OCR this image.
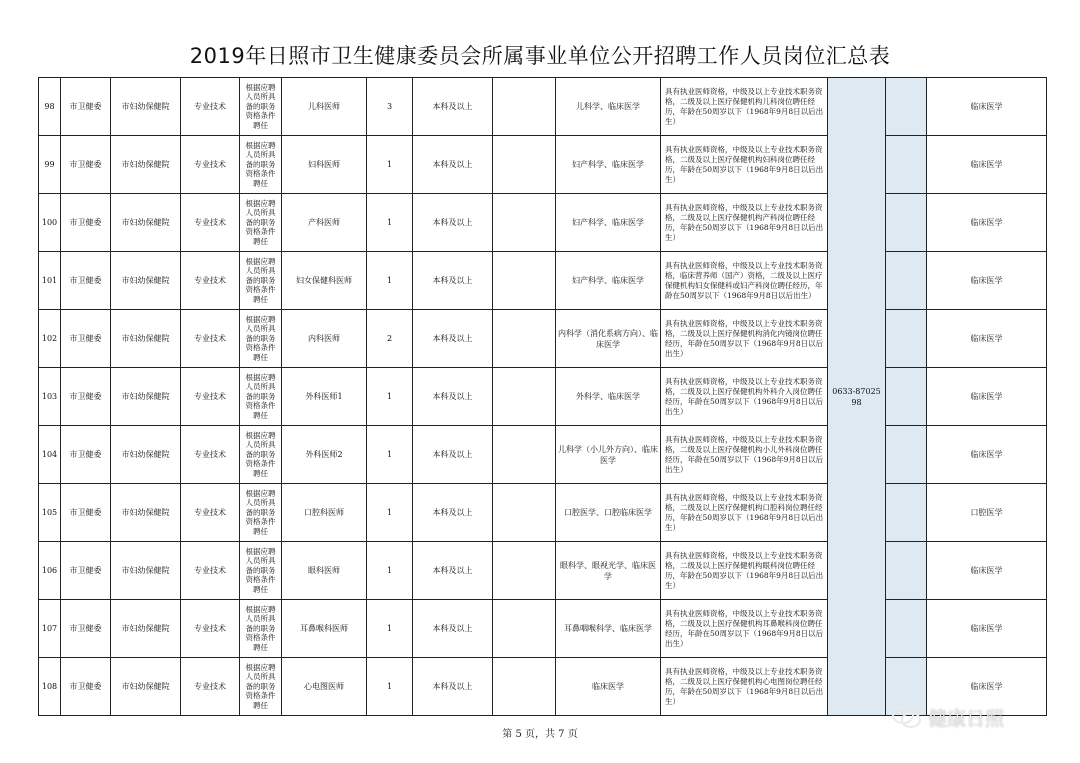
2019年日照市卫生健康委员会所属事业单位公开招聘工作人员岗位汇总表
98	市卫健委	市妇幼保健院	专业技术	根据应聘人员所具备的职务资格条件聘任	儿科医师	3	本科及以上		儿科学、临床医学	具有执业医师资格，中级及以上专业技术职务资格，二级及以上医疗保健机构儿科岗位聘任经历，年龄在50周岁以下（1968年9月8日以后出生）	0633-8702598		临床医学
99	市卫健委	市妇幼保健院	专业技术	根据应聘人员所具备的职务资格条件聘任	妇科医师	1	本科及以上		妇产科学、临床医学	具有执业医师资格，中级及以上专业技术职务资格，二级及以上医疗保健机构妇科岗位聘任经历，年龄在50周岁以下（1968年9月8日以后出生）			临床医学
100	市卫健委	市妇幼保健院	专业技术	根据应聘人员所具备的职务资格条件聘任	产科医师	1	本科及以上		妇产科学、临床医学	具有执业医师资格，中级及以上专业技术职务资格，二级及以上医疗保健机构产科岗位聘任经历，年龄在50周岁以下（1968年9月8日以后出生）			临床医学
101	市卫健委	市妇幼保健院	专业技术	根据应聘人员所具备的职务资格条件聘任	妇女保健科医师	1	本科及以上		妇产科学、临床医学	具有执业医师资格，中级及以上专业技术职务资格，临床营养师（国产）资格，二级及以上医疗保健机构妇女保健科或妇产科岗位聘任经历，年龄在50周岁以下（1968年9月8日以后出生）			临床医学
102	市卫健委	市妇幼保健院	专业技术	根据应聘人员所具备的职务资格条件聘任	内科医师	2	本科及以上		内科学（消化系病方向）、临床医学	具有执业医师资格，中级及以上专业技术职务资格，二级及以上医疗保健机构消化内镜岗位聘任经历，年龄在50周岁以下（1968年9月8日以后出生）			临床医学
103	市卫健委	市妇幼保健院	专业技术	根据应聘人员所具备的职务资格条件聘任	外科医师1	1	本科及以上		外科学、临床医学	具有执业医师资格，中级及以上专业技术职务资格，二级及以上医疗保健机构外科介入岗位聘任经历，年龄在50周岁以下（1968年9月8日以后出生）			临床医学
104	市卫健委	市妇幼保健院	专业技术	根据应聘人员所具备的职务资格条件聘任	外科医师2	1	本科及以上		儿科学（小儿外方向）、临床医学	具有执业医师资格，中级及以上专业技术职务资格，二级及以上医疗保健机构小儿外科岗位聘任经历，年龄在50周岁以下（1968年9月8日以后出生）			临床医学
105	市卫健委	市妇幼保健院	专业技术	根据应聘人员所具备的职务资格条件聘任	口腔科医师	1	本科及以上		口腔医学、口腔临床医学	具有执业医师资格，中级及以上专业技术职务资格，二级及以上医疗保健机构口腔科岗位聘任经历，年龄在50周岁以下（1968年9月8日以后出生）			口腔医学
106	市卫健委	市妇幼保健院	专业技术	根据应聘人员所具备的职务资格条件聘任	眼科医师	1	本科及以上		眼科学、眼视光学、临床医学	具有执业医师资格，中级及以上专业技术职务资格，二级及以上医疗保健机构眼科岗位聘任经历，年龄在50周岁以下（1968年9月8日以后出生）			临床医学
107	市卫健委	市妇幼保健院	专业技术	根据应聘人员所具备的职务资格条件聘任	耳鼻喉科医师	1	本科及以上		耳鼻咽喉科学、临床医学	具有执业医师资格，中级及以上专业技术职务资格，二级及以上医疗保健机构耳鼻喉科岗位聘任经历，年龄在50周岁以下（1968年9月8日以后出生）			临床医学
108	市卫健委	市妇幼保健院	专业技术	根据应聘人员所具备的职务资格条件聘任	心电图医师	1	本科及以上		临床医学	具有执业医师资格，中级及以上专业技术职务资格，二级及以上医疗保健机构心电图岗位聘任经历，年龄在50周岁以下（1968年9月8日以后出生）			临床医学
第 5 页，共 7 页
健康日照
